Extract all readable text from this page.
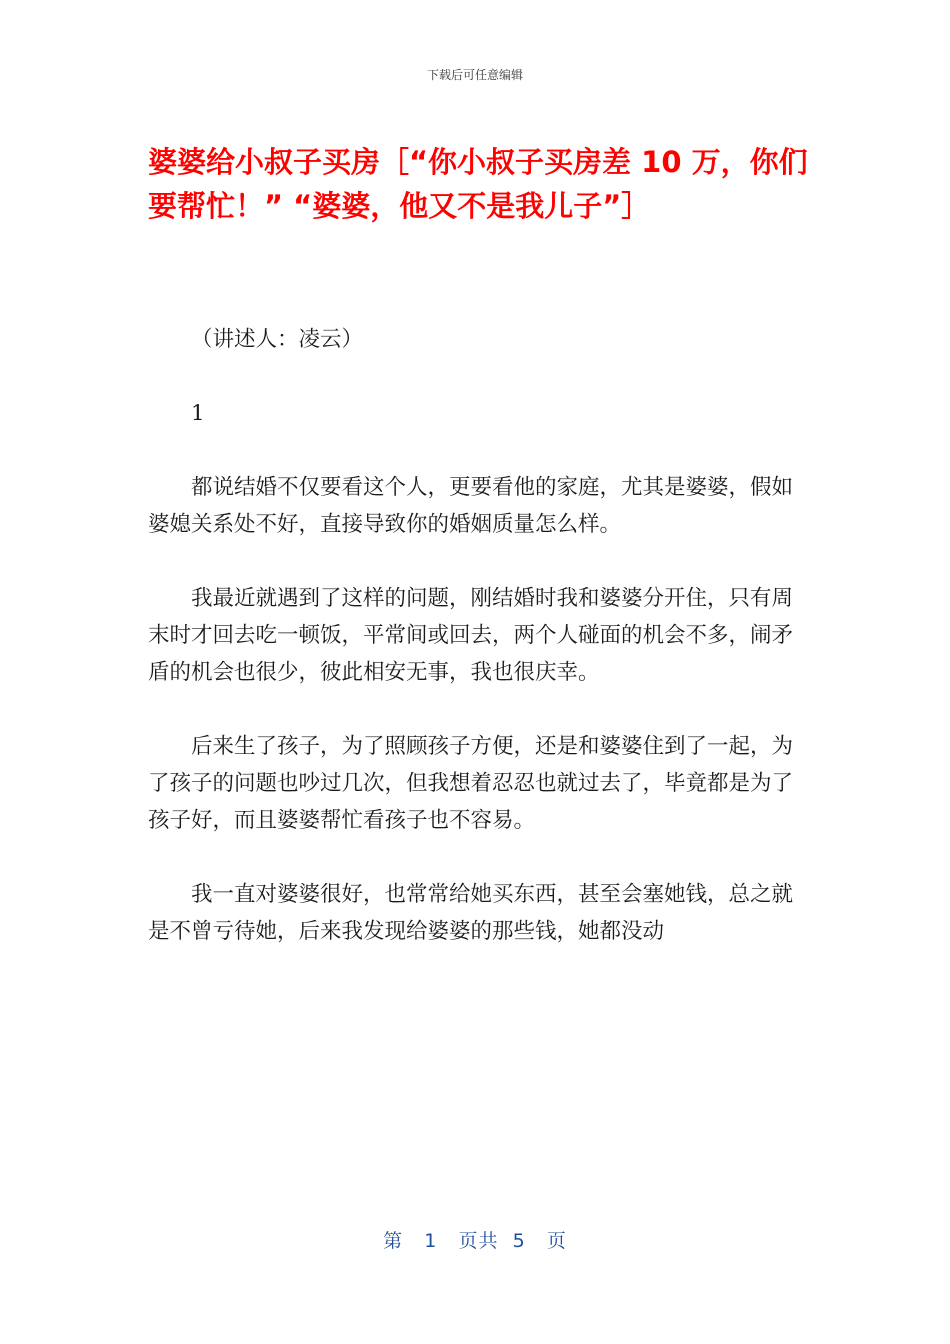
下载后可任意编辑
婆婆给小叔子买房［“你小叔子买房差 10 万，你们要帮忙！” “婆婆，他又不是我儿子”］

（讲述人：凌云）

1

都说结婚不仅要看这个人，更要看他的家庭，尤其是婆婆，假如婆媳关系处不好，直接导致你的婚姻质量怎么样。

我最近就遇到了这样的问题，刚结婚时我和婆婆分开住，只有周末时才回去吃一顿饭，平常间或回去，两个人碰面的机会不多，闹矛盾的机会也很少，彼此相安无事，我也很庆幸。

后来生了孩子，为了照顾孩子方便，还是和婆婆住到了一起，为了孩子的问题也吵过几次，但我想着忍忍也就过去了，毕竟都是为了孩子好，而且婆婆帮忙看孩子也不容易。

我一直对婆婆很好，也常常给她买东西，甚至会塞她钱，总之就是不曾亏待她，后来我发现给婆婆的那些钱，她都没动

第 1 页共 5 页
